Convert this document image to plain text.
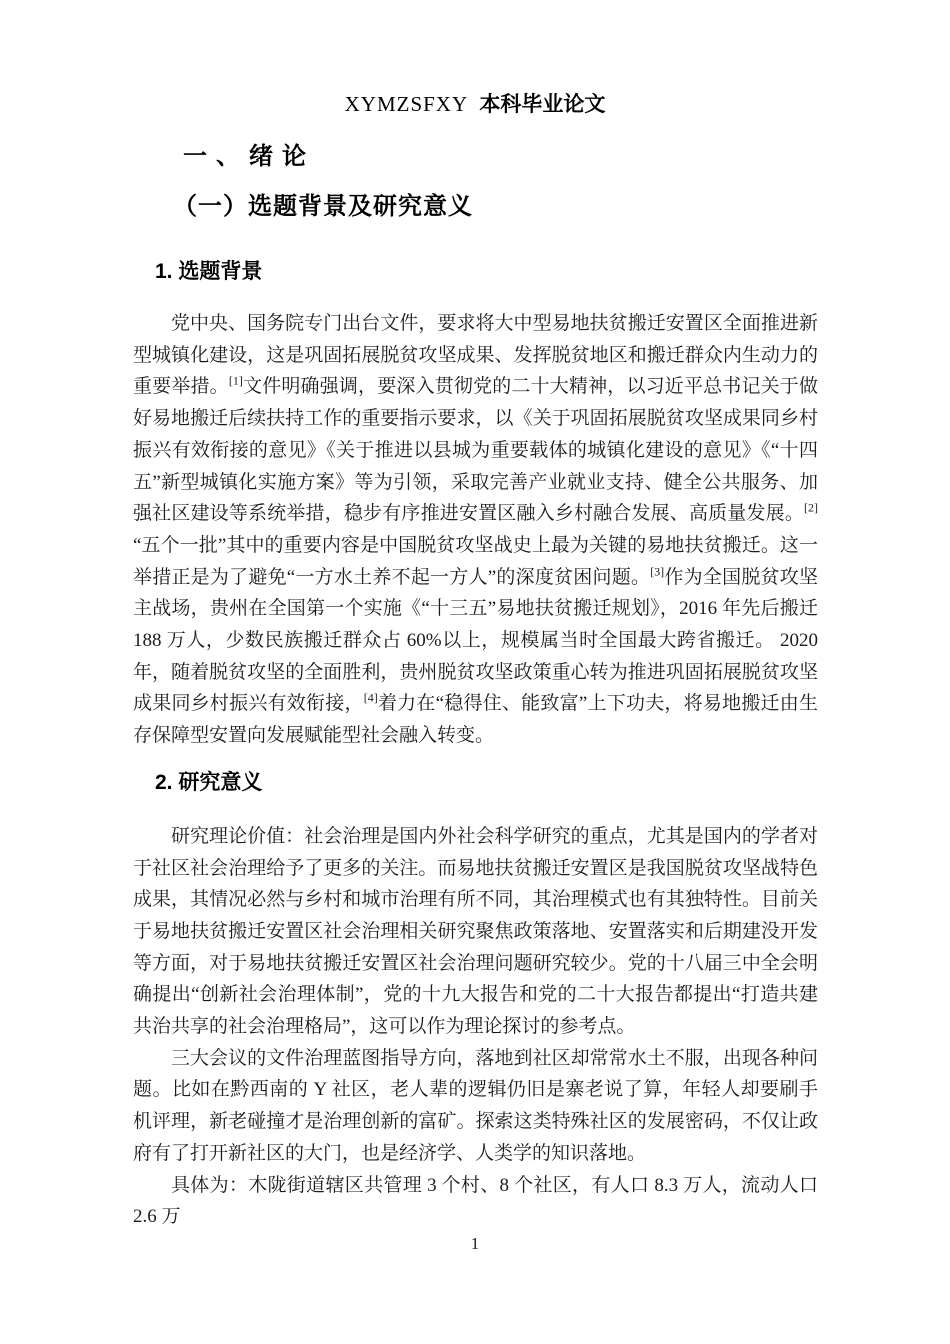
XYMZSFXY 本科毕业论文
一、绪论
（一）选题背景及研究意义
1. 选题背景

党中央、国务院专门出台文件，要求将大中型易地扶贫搬迁安置区全面推进新型城镇化建设，这是巩固拓展脱贫攻坚成果、发挥脱贫地区和搬迁群众内生动力的重要举措。[1]文件明确强调，要深入贯彻党的二十大精神，以习近平总书记关于做好易地搬迁后续扶持工作的重要指示要求，以《关于巩固拓展脱贫攻坚成果同乡村振兴有效衔接的意见》《关于推进以县城为重要载体的城镇化建设的意见》《“十四五”新型城镇化实施方案》等为引领，采取完善产业就业支持、健全公共服务、加强社区建设等系统举措，稳步有序推进安置区融入乡村融合发展、高质量发展。[2]“五个一批”其中的重要内容是中国脱贫攻坚战史上最为关键的易地扶贫搬迁。这一举措正是为了避免“一方水土养不起一方人”的深度贫困问题。[3]作为全国脱贫攻坚主战场，贵州在全国第一个实施《“十三五”易地扶贫搬迁规划》，2016 年先后搬迁 188 万人，少数民族搬迁群众占 60%以上，规模属当时全国最大跨省搬迁。 2020 年，随着脱贫攻坚的全面胜利，贵州脱贫攻坚政策重心转为推进巩固拓展脱贫攻坚成果同乡村振兴有效衔接，[4]着力在“稳得住、能致富”上下功夫，将易地搬迁由生存保障型安置向发展赋能型社会融入转变。

2. 研究意义

研究理论价值：社会治理是国内外社会科学研究的重点，尤其是国内的学者对于社区社会治理给予了更多的关注。而易地扶贫搬迁安置区是我国脱贫攻坚战特色成果，其情况必然与乡村和城市治理有所不同，其治理模式也有其独特性。目前关于易地扶贫搬迁安置区社会治理相关研究聚焦政策落地、安置落实和后期建没开发等方面，对于易地扶贫搬迁安置区社会治理问题研究较少。党的十八届三中全会明确提出“创新社会治理体制”，党的十九大报告和党的二十大报告都提出“打造共建共治共享的社会治理格局”，这可以作为理论探讨的参考点。

三大会议的文件治理蓝图指导方向，落地到社区却常常水土不服，出现各种问题。比如在黔西南的 Y 社区，老人辈的逻辑仍旧是寨老说了算，年轻人却要刷手机评理，新老碰撞才是治理创新的富矿。探索这类特殊社区的发展密码，不仅让政府有了打开新社区的大门，也是经济学、人类学的知识落地。

具体为：木陇街道辖区共管理 3 个村、8 个社区，有人口 8.3 万人，流动人口 2.6 万

1
